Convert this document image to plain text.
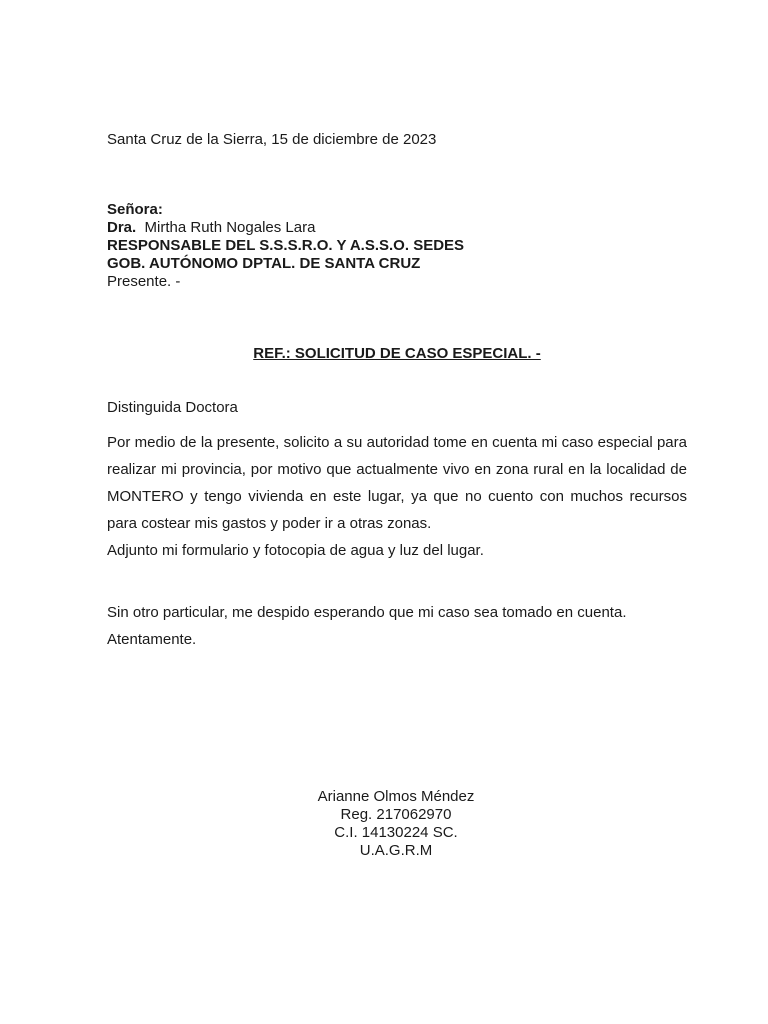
Santa Cruz de la Sierra, 15 de diciembre de 2023
Señora:
Dra. Mirtha Ruth Nogales Lara
RESPONSABLE DEL S.S.S.R.O. Y A.S.S.O. SEDES
GOB. AUTÓNOMO DPTAL. DE SANTA CRUZ
Presente. -
REF.: SOLICITUD DE CASO ESPECIAL. -
Distinguida Doctora
Por medio de la presente, solicito a su autoridad tome en cuenta mi caso especial para realizar mi provincia, por motivo que actualmente vivo en zona rural en la localidad de MONTERO y tengo vivienda en este lugar, ya que no cuento con muchos recursos para costear mis gastos y poder ir a otras zonas.
Adjunto mi formulario y fotocopia de agua y luz del lugar.
Sin otro particular, me despido esperando que mi caso sea tomado en cuenta.
Atentamente.
Arianne Olmos Méndez
Reg. 217062970
C.I. 14130224 SC.
U.A.G.R.M
